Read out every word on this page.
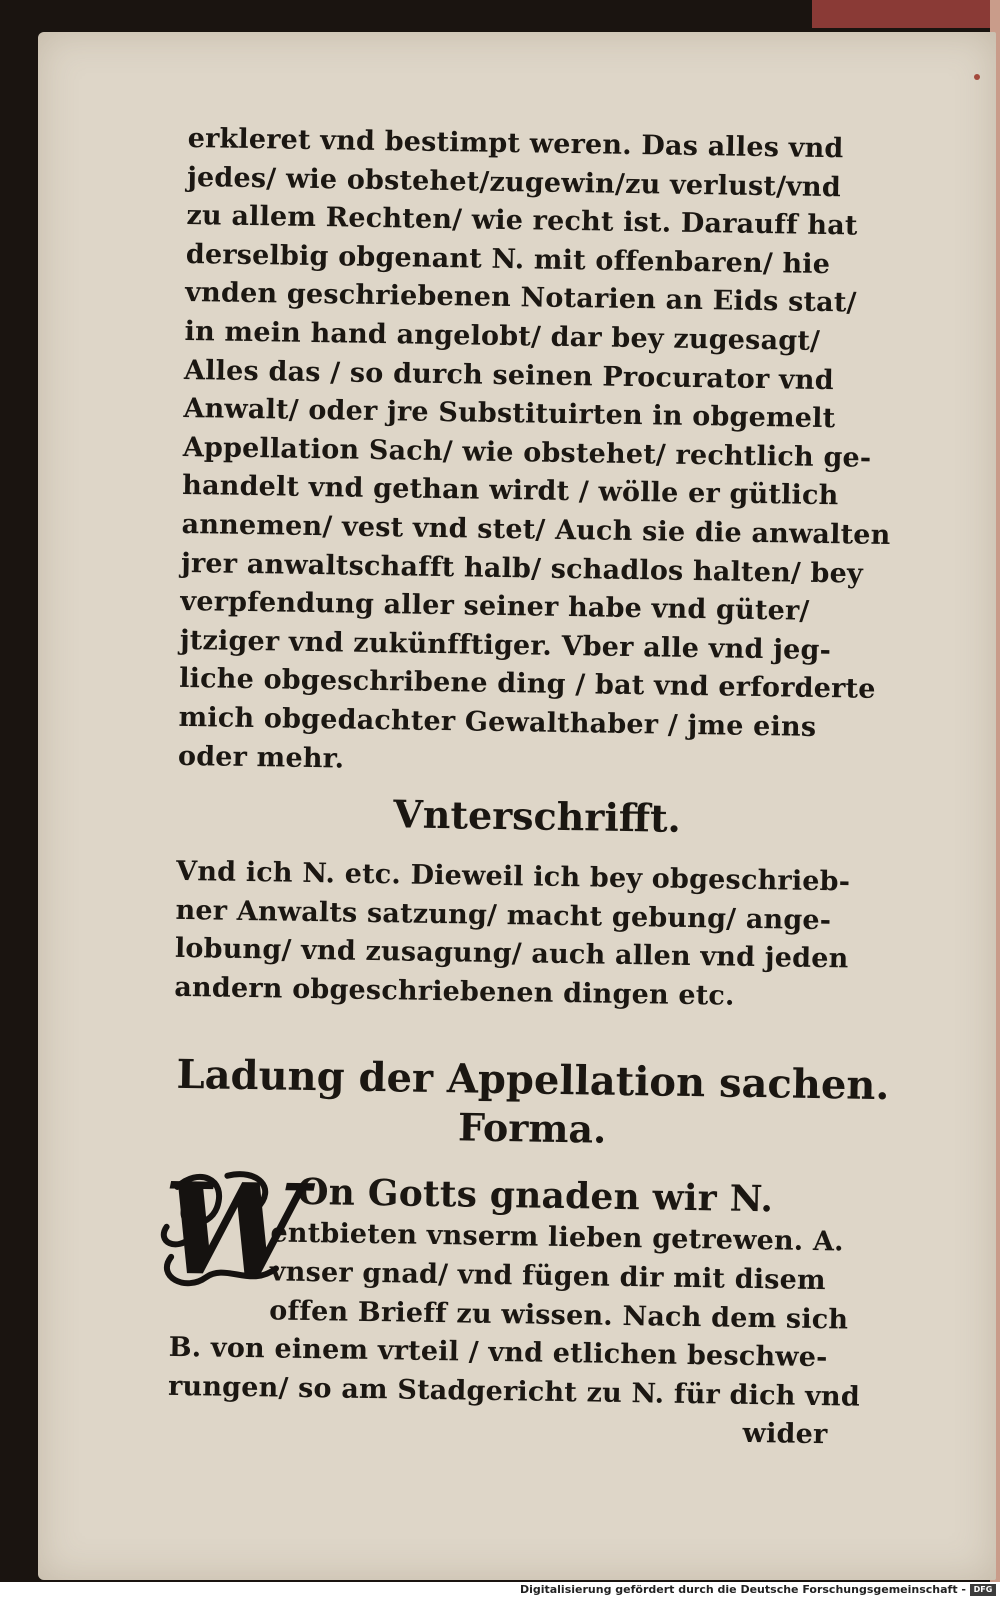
erkleret vnd bestimpt weren. Das alles vnd
jedes/ wie obstehet/zugewin/zu verlust/vnd
zu allem Rechten/ wie recht ist. Darauff hat
derselbig obgenant N. mit offenbaren/ hie
vnden geschriebenen Notarien an Eids stat/
in mein hand angelobt/ dar bey zugesagt/
Alles das / so durch seinen Procurator vnd
Anwalt/ oder jre Substituirten in obgemelt
Appellation Sach/ wie obstehet/ rechtlich ge-
handelt vnd gethan wirdt / wölle er gütlich
annemen/ vest vnd stet/ Auch sie die anwalten
jrer anwaltschafft halb/ schadlos halten/ bey
verpfendung aller seiner habe vnd güter/
jtziger vnd zukünfftiger. Vber alle vnd jeg-
liche obgeschribene ding / bat vnd erforderte
mich obgedachter Gewalthaber / jme eins
oder mehr.
Vnterschrifft.
Vnd ich N. etc. Dieweil ich bey obgeschrieb-
ner Anwalts satzung/ macht gebung/ ange-
lobung/ vnd zusagung/ auch allen vnd jeden
andern obgeschriebenen dingen etc.
Ladung der Appellation sachen.
Forma.
W
On Gotts gnaden wir N.
entbieten vnserm lieben getrewen. A.
vnser gnad/ vnd fügen dir mit disem
offen Brieff zu wissen. Nach dem sich
B. von einem vrteil / vnd etlichen beschwe-
rungen/ so am Stadgericht zu N. für dich vnd
wider
Digitalisierung gefördert durch die Deutsche Forschungsgemeinschaft - DFG
